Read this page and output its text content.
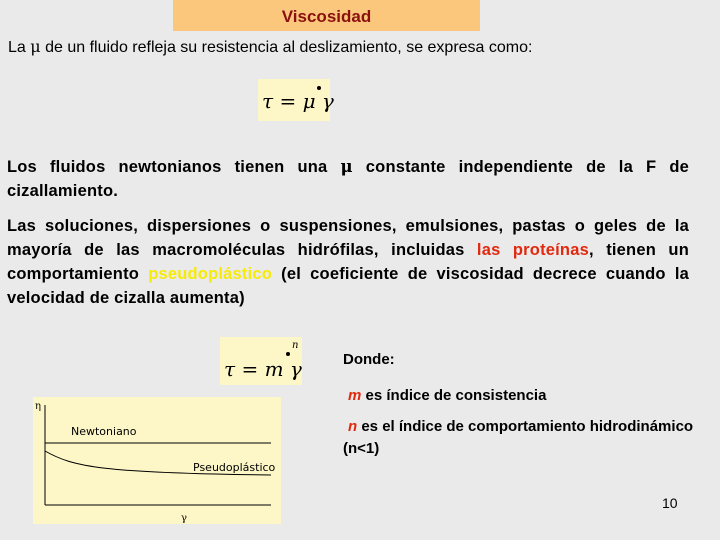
Viscosidad
La μ de un fluido refleja su resistencia al deslizamiento, se expresa como:
τ = μ γ
Los fluidos newtonianos tienen una μ constante independiente de la F de cizallamiento.
Las soluciones, dispersiones o suspensiones, emulsiones, pastas o geles de la mayoría de las macromoléculas hidrófilas, incluidas las proteínas, tienen un comportamiento pseudoplástico (el coeficiente de viscosidad decrece cuando la velocidad de cizalla aumenta)
τ = m γ
n
Donde:
m es índice de consistencia
n es el índice de comportamiento hidrodinámico (n<1)
η
γ
Newtoniano
Pseudoplástico
10
